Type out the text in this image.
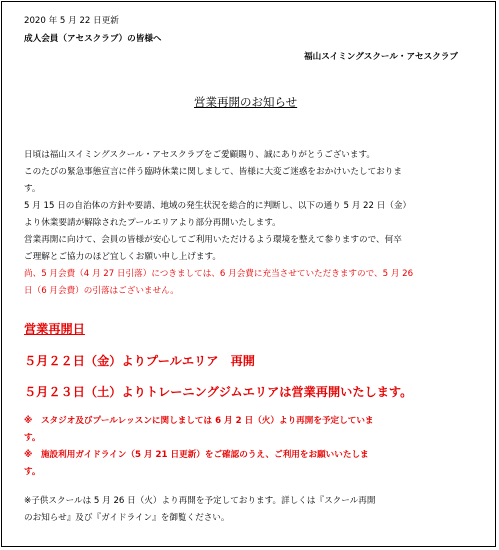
2020 年 5 月 22 日更新
成人会員（アセスクラブ）の皆様へ
福山スイミングスクール・アセスクラブ
営業再開のお知らせ
日頃は福山スイミングスクール・アセスクラブをご愛顧賜り、誠にありがとうございます。
このたびの緊急事態宣言に伴う臨時休業に関しまして、皆様に大変ご迷惑をおかけいたしておりま
す。
5 月 15 日の自治体の方針や要請、地域の発生状況を総合的に判断し、以下の通り 5 月 22 日（金）
より休業要請が解除されたプールエリアより部分再開いたします。
営業再開に向けて、会員の皆様が安心してご利用いただけるよう環境を整えて参りますので、何卒
ご理解とご協力のほど宜しくお願い申し上げます。
尚、5 月会費（4 月 27 日引落）につきましては、6 月会費に充当させていただきますので、5 月 26
日（6 月会費）の引落はございません。
営業再開日
５月２２日（金）よりプールエリア　再開
５月２３日（土）よりトレーニングジムエリアは営業再開いたします。
※　スタジオ及びプールレッスンに関しましては 6 月 2 日（火）より再開を予定していま
す。
※　施設利用ガイドライン（5 月 21 日更新）をご確認のうえ、ご利用をお願いいたしま
す。
※子供スクールは 5 月 26 日（火）より再開を予定しております。詳しくは『スクール再開
のお知らせ』及び『ガイドライン』を御覧ください。
